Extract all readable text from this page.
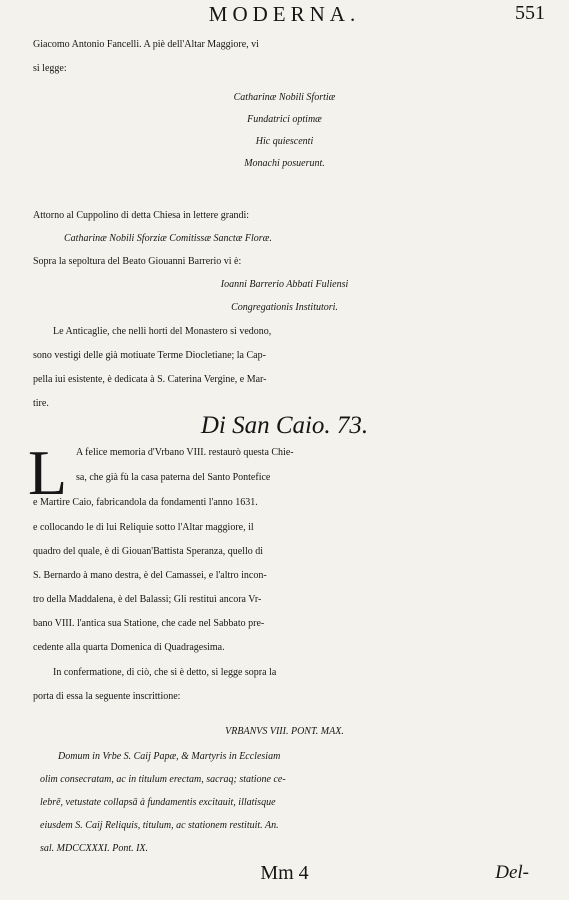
MODERNA.	551
Giacomo Antonio Fancelli. A piè dell'Altar Maggiore, vi
si legge:
Catharinæ Nobili Sfortiæ
Fundatrici optimæ
Hic quiescenti
Monachi posuerunt.
Attorno al Cuppolino di detta Chiesa in lettere grandi:
Catharinæ Nobili Sforziæ Comitissæ Sanctæ Floræ.
Sopra la sepoltura del Beato Giouanni Barrerio vi è:
Ioanni Barrerio Abbati Fuliensi
Congregationis Institutori.
Le Anticaglie, che nelli horti del Monastero si vedono,
sono vestigi delle già motiuate Terme Diocletiane; la Cap-
pella iui esistente, è dedicata à S. Caterina Vergine, e Mar-
tire.
Di San Caio. 73.
L A felice memoria d'Vrbano VIII. restaurò questa Chie-
sa, che già fù la casa paterna del Santo Pontefice
e Martire Caio, fabricandola da fondamenti l'anno 1631.
e collocando le di lui Reliquie sotto l'Altar maggiore, il
quadro del quale, è di Giouan'Battista Speranza, quello di
S. Bernardo à mano destra, è del Camassei, e l'altro incon-
tro della Maddalena, è del Balassi; Gli restituì ancora Vr-
bano VIII. l'antica sua Statione, che cade nel Sabbato pre-
cedente alla quarta Domenica di Quadragesima.
In confermatione, di ciò, che si è detto, si legge sopra la
porta di essa la seguente inscrittione:
VRBANVS VIII. PONT. MAX.
Domum in Vrbe S. Caij Papæ, & Martyris in Ecclesiam
olim consecratam, ac in titulum erectam, sacraq; statione ce-
lebrē, vetustate collapsā à fundamentis excitauit, illatisque
eiusdem S. Caij Reliquis, titulum, ac stationem restituit. An.
sal. MDCCXXXI. Pont. IX.
Mm 4	Del-
